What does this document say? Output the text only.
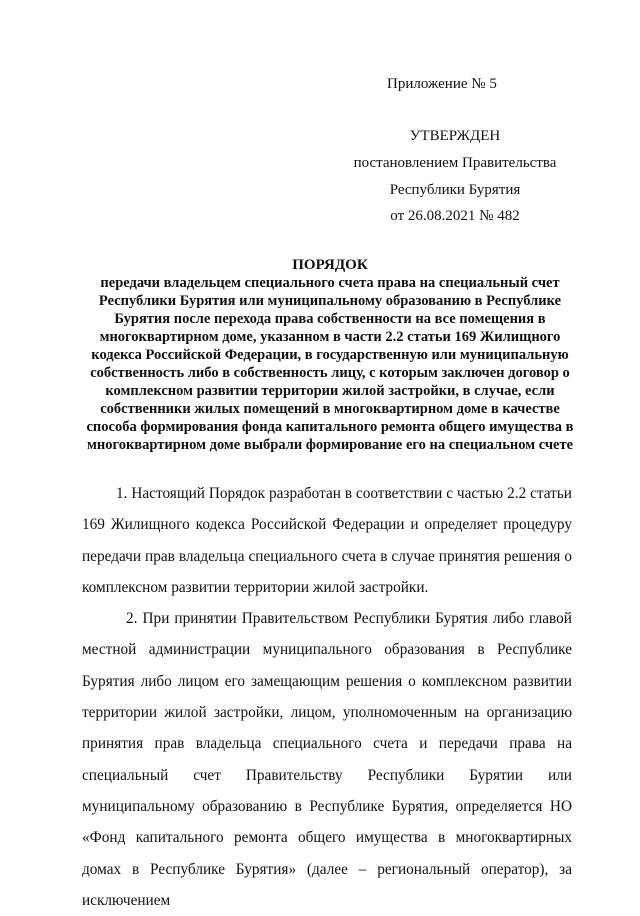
Приложение № 5
УТВЕРЖДЕН
постановлением Правительства
Республики Бурятия
от 26.08.2021 № 482
ПОРЯДОК
передачи владельцем специального счета права на специальный счет Республики Бурятия или муниципальному образованию в Республике Бурятия после перехода права собственности на все помещения в многоквартирном доме, указанном в части 2.2 статьи 169 Жилищного кодекса Российской Федерации, в государственную или муниципальную собственность либо в собственность лицу, с которым заключен договор о комплексном развитии территории жилой застройки, в случае, если собственники жилых помещений в многоквартирном доме в качестве способа формирования фонда капитального ремонта общего имущества в многоквартирном доме выбрали формирование его на специальном счете

1. Настоящий Порядок разработан в соответствии с частью 2.2 статьи 169 Жилищного кодекса Российской Федерации и определяет процедуру передачи прав владельца специального счета в случае принятия решения о комплексном развитии территории жилой застройки.

2. При принятии Правительством Республики Бурятия либо главой местной администрации муниципального образования в Республике Бурятия либо лицом его замещающим решения о комплексном развитии территории жилой застройки, лицом, уполномоченным на организацию принятия прав владельца специального счета и передачи права на специальный счет Правительству Республики Бурятии или муниципальному образованию в Республике Бурятия, определяется НО «Фонд капитального ремонта общего имущества в многоквартирных домах в Республике Бурятия» (далее – региональный оператор), за исключением
